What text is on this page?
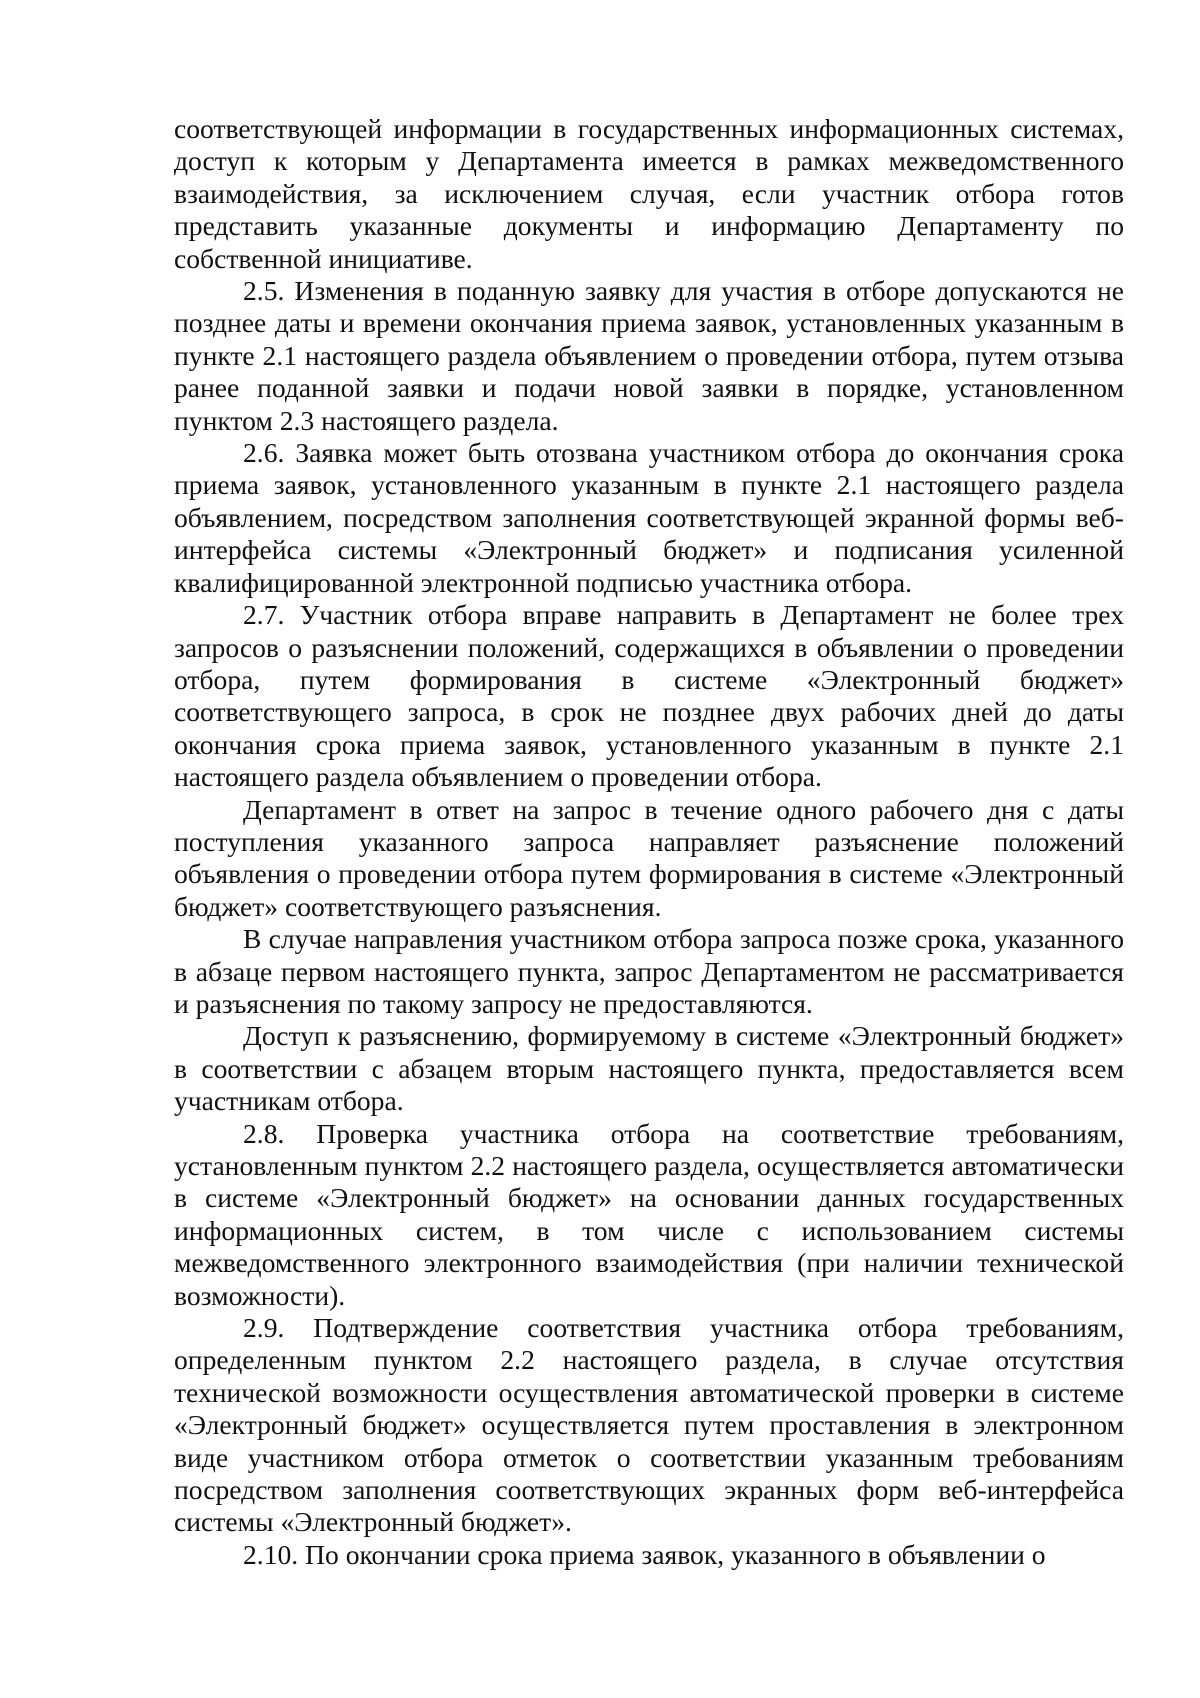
соответствующей информации в государственных информационных системах, доступ к которым у Департамента имеется в рамках межведомственного взаимодействия, за исключением случая, если участник отбора готов представить указанные документы и информацию Департаменту по собственной инициативе.

2.5. Изменения в поданную заявку для участия в отборе допускаются не позднее даты и времени окончания приема заявок, установленных указанным в пункте 2.1 настоящего раздела объявлением о проведении отбора, путем отзыва ранее поданной заявки и подачи новой заявки в порядке, установленном пунктом 2.3 настоящего раздела.

2.6. Заявка может быть отозвана участником отбора до окончания срока приема заявок, установленного указанным в пункте 2.1 настоящего раздела объявлением, посредством заполнения соответствующей экранной формы веб-интерфейса системы «Электронный бюджет» и подписания усиленной квалифицированной электронной подписью участника отбора.

2.7. Участник отбора вправе направить в Департамент не более трех запросов о разъяснении положений, содержащихся в объявлении о проведении отбора, путем формирования в системе «Электронный бюджет» соответствующего запроса, в срок не позднее двух рабочих дней до даты окончания срока приема заявок, установленного указанным в пункте 2.1 настоящего раздела объявлением о проведении отбора.

Департамент в ответ на запрос в течение одного рабочего дня с даты поступления указанного запроса направляет разъяснение положений объявления о проведении отбора путем формирования в системе «Электронный бюджет» соответствующего разъяснения.

В случае направления участником отбора запроса позже срока, указанного в абзаце первом настоящего пункта, запрос Департаментом не рассматривается и разъяснения по такому запросу не предоставляются.

Доступ к разъяснению, формируемому в системе «Электронный бюджет» в соответствии с абзацем вторым настоящего пункта, предоставляется всем участникам отбора.

2.8. Проверка участника отбора на соответствие требованиям, установленным пунктом 2.2 настоящего раздела, осуществляется автоматически в системе «Электронный бюджет» на основании данных государственных информационных систем, в том числе с использованием системы межведомственного электронного взаимодействия (при наличии технической возможности).

2.9. Подтверждение соответствия участника отбора требованиям, определенным пунктом 2.2 настоящего раздела, в случае отсутствия технической возможности осуществления автоматической проверки в системе «Электронный бюджет» осуществляется путем проставления в электронном виде участником отбора отметок о соответствии указанным требованиям посредством заполнения соответствующих экранных форм веб-интерфейса системы «Электронный бюджет».

2.10. По окончании срока приема заявок, указанного в объявлении о
